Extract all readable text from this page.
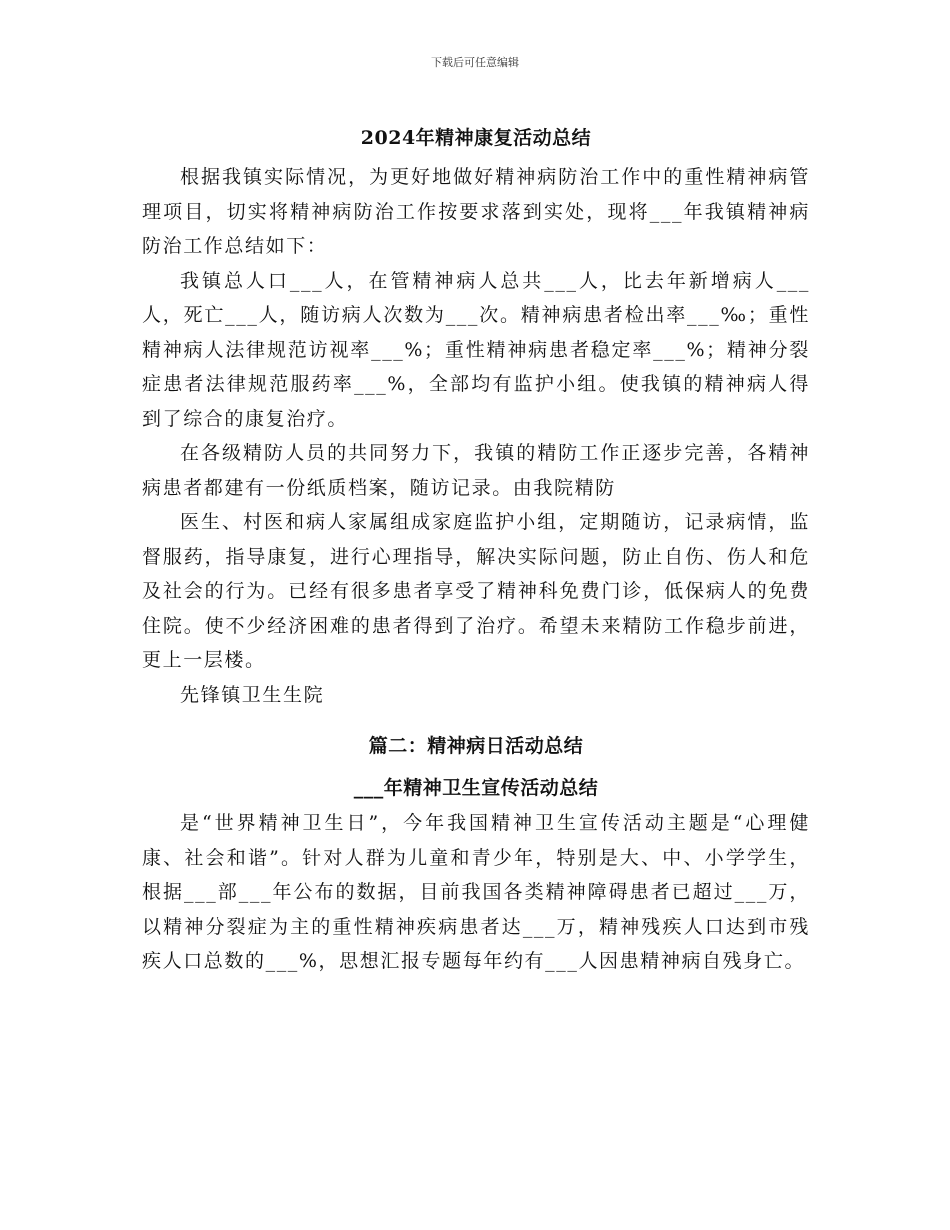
下载后可任意编辑
2024年精神康复活动总结

根据我镇实际情况，为更好地做好精神病防治工作中的重性精神病管理项目，切实将精神病防治工作按要求落到实处，现将___年我镇精神病防治工作总结如下：

我镇总人口___人，在管精神病人总共___人，比去年新增病人___人，死亡___人，随访病人次数为___次。精神病患者检出率___‰；重性精神病人法律规范访视率___%；重性精神病患者稳定率___%；精神分裂症患者法律规范服药率___%，全部均有监护小组。使我镇的精神病人得到了综合的康复治疗。

在各级精防人员的共同努力下，我镇的精防工作正逐步完善，各精神病患者都建有一份纸质档案，随访记录。由我院精防

医生、村医和病人家属组成家庭监护小组，定期随访，记录病情，监督服药，指导康复，进行心理指导，解决实际问题，防止自伤、伤人和危及社会的行为。已经有很多患者享受了精神科免费门诊，低保病人的免费住院。使不少经济困难的患者得到了治疗。希望未来精防工作稳步前进，更上一层楼。

先锋镇卫生生院

篇二：精神病日活动总结
___年精神卫生宣传活动总结

是“世界精神卫生日”，今年我国精神卫生宣传活动主题是“心理健康、社会和谐”。针对人群为儿童和青少年，特别是大、中、小学学生，根据___部___年公布的数据，目前我国各类精神障碍患者已超过___万，以精神分裂症为主的重性精神疾病患者达___万，精神残疾人口达到市残疾人口总数的___%，思想汇报专题每年约有___人因患精神病自残身亡。
